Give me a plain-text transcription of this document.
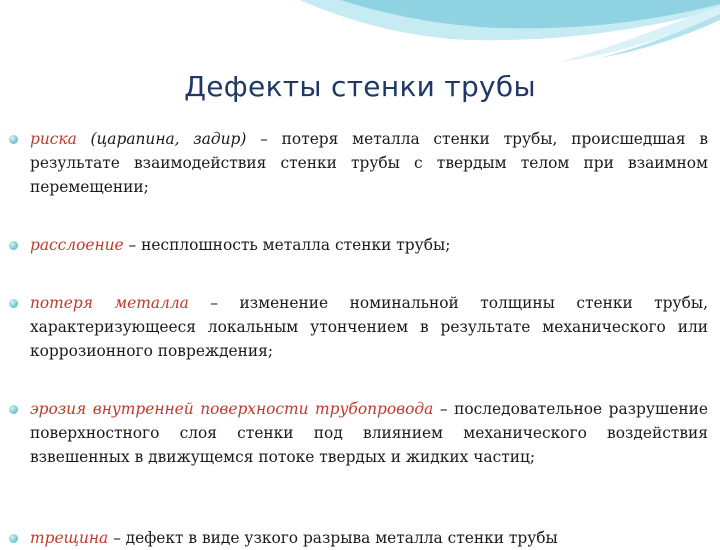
Дефекты стенки трубы
риска (царапина, задир) – потеря металла стенки трубы, происшедшая в результате взаимодействия стенки трубы с твердым телом при взаимном перемещении;
расслоение – несплошность металла стенки трубы;
потеря металла – изменение номинальной толщины стенки трубы, характеризующееся локальным утончением в результате механического или коррозионного повреждения;
эрозия внутренней поверхности трубопровода – последовательное разрушение поверхностного слоя стенки под влиянием механического воздействия взвешенных в движущемся потоке твердых и жидких частиц;
трещина – дефект в виде узкого разрыва металла стенки трубы
